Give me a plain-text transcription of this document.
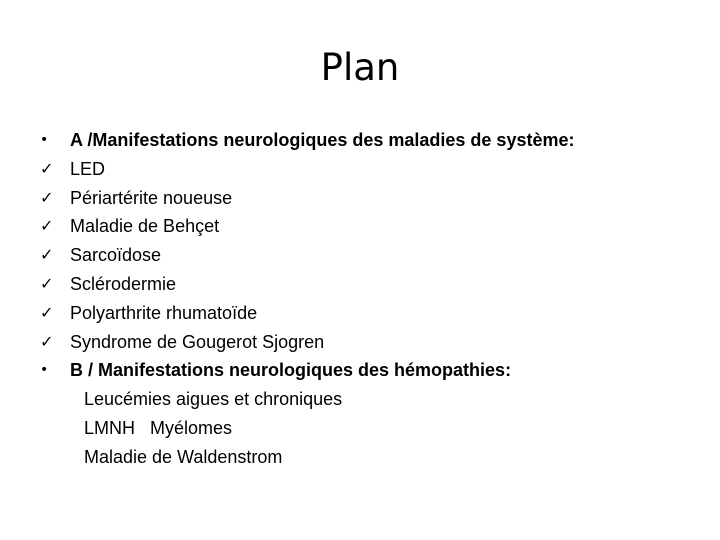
Plan
•	A /Manifestations neurologiques des maladies de système:
✓ LED
✓ Périartérite noueuse
✓ Maladie de Behçet
✓ Sarcoïdose
✓ Sclérodermie
✓ Polyarthrite rhumatoïde
✓ Syndrome de Gougerot Sjogren
•	B / Manifestations neurologiques des hémopathies:
Leucémies aigues et chroniques
LMNH   Myélomes
Maladie de Waldenstrom
